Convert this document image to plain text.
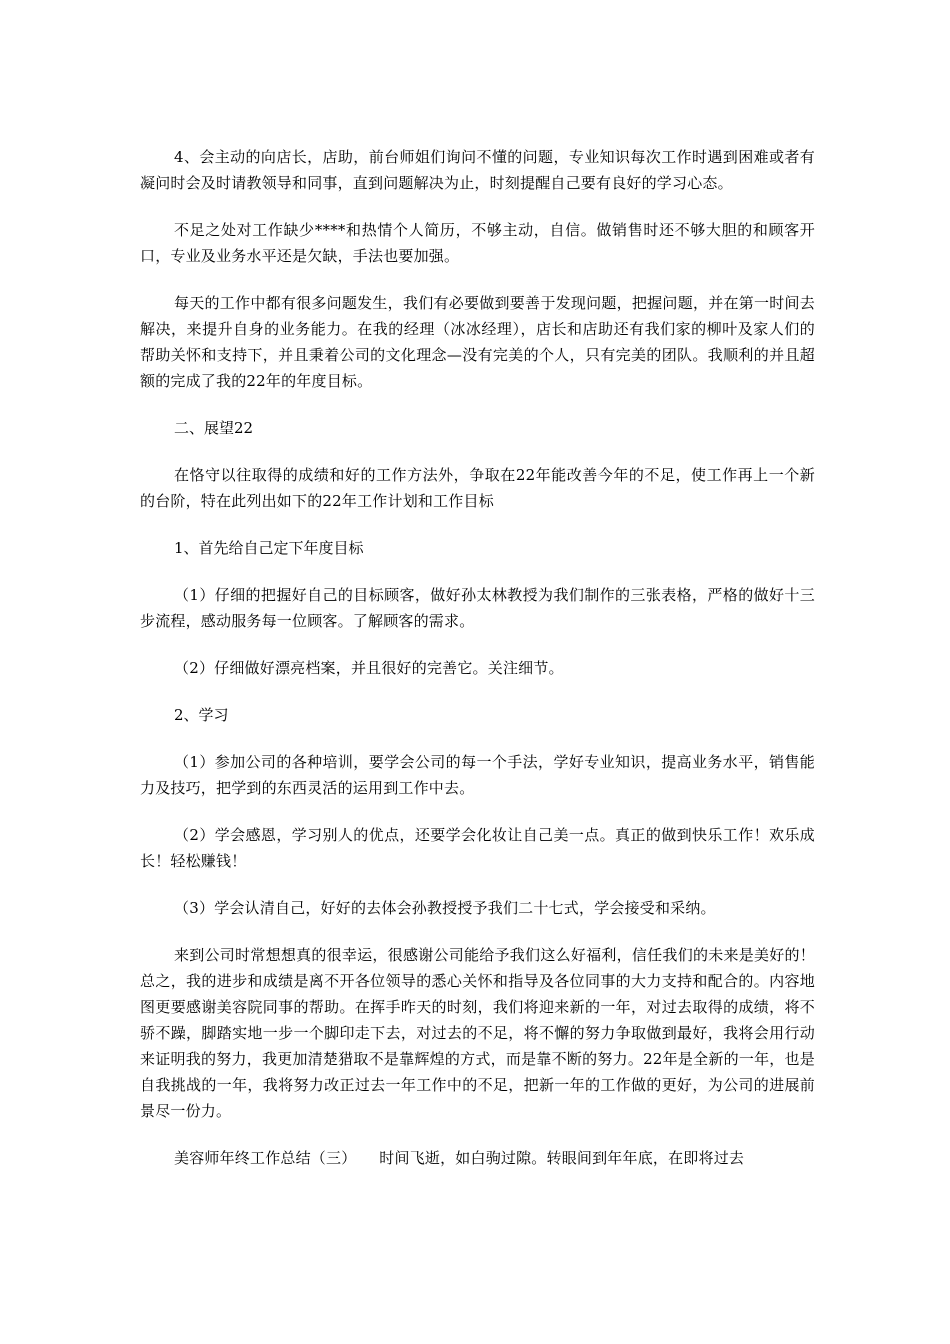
4、会主动的向店长，店助，前台师姐们询问不懂的问题，专业知识每次工作时遇到困难或者有凝问时会及时请教领导和同事，直到问题解决为止，时刻提醒自己要有良好的学习心态。

不足之处对工作缺少****和热情个人简历，不够主动，自信。做销售时还不够大胆的和顾客开口，专业及业务水平还是欠缺，手法也要加强。

每天的工作中都有很多问题发生，我们有必要做到要善于发现问题，把握问题，并在第一时间去解决，来提升自身的业务能力。在我的经理（冰冰经理），店长和店助还有我们家的柳叶及家人们的帮助关怀和支持下，并且秉着公司的文化理念—没有完美的个人，只有完美的团队。我顺利的并且超额的完成了我的22年的年度目标。

二、展望22

在恪守以往取得的成绩和好的工作方法外，争取在22年能改善今年的不足，使工作再上一个新的台阶，特在此列出如下的22年工作计划和工作目标

1、首先给自己定下年度目标

（1）仔细的把握好自己的目标顾客，做好孙太林教授为我们制作的三张表格，严格的做好十三步流程，感动服务每一位顾客。了解顾客的需求。

（2）仔细做好漂亮档案，并且很好的完善它。关注细节。

2、学习

（1）参加公司的各种培训，要学会公司的每一个手法，学好专业知识，提高业务水平，销售能力及技巧，把学到的东西灵活的运用到工作中去。

（2）学会感恩，学习别人的优点，还要学会化妆让自己美一点。真正的做到快乐工作！欢乐成长！轻松赚钱！

（3）学会认清自己，好好的去体会孙教授授予我们二十七式，学会接受和采纳。

来到公司时常想想真的很幸运，很感谢公司能给予我们这么好福利，信任我们的未来是美好的！总之，我的进步和成绩是离不开各位领导的悉心关怀和指导及各位同事的大力支持和配合的。内容地图更要感谢美容院同事的帮助。在挥手昨天的时刻，我们将迎来新的一年，对过去取得的成绩，将不骄不躁，脚踏实地一步一个脚印走下去，对过去的不足，将不懈的努力争取做到最好，我将会用行动来证明我的努力，我更加清楚猎取不是靠辉煌的方式，而是靠不断的努力。22年是全新的一年，也是自我挑战的一年，我将努力改正过去一年工作中的不足，把新一年的工作做的更好，为公司的进展前景尽一份力。

美容师年终工作总结（三）　　时间飞逝，如白驹过隙。转眼间到年年底，在即将过去
